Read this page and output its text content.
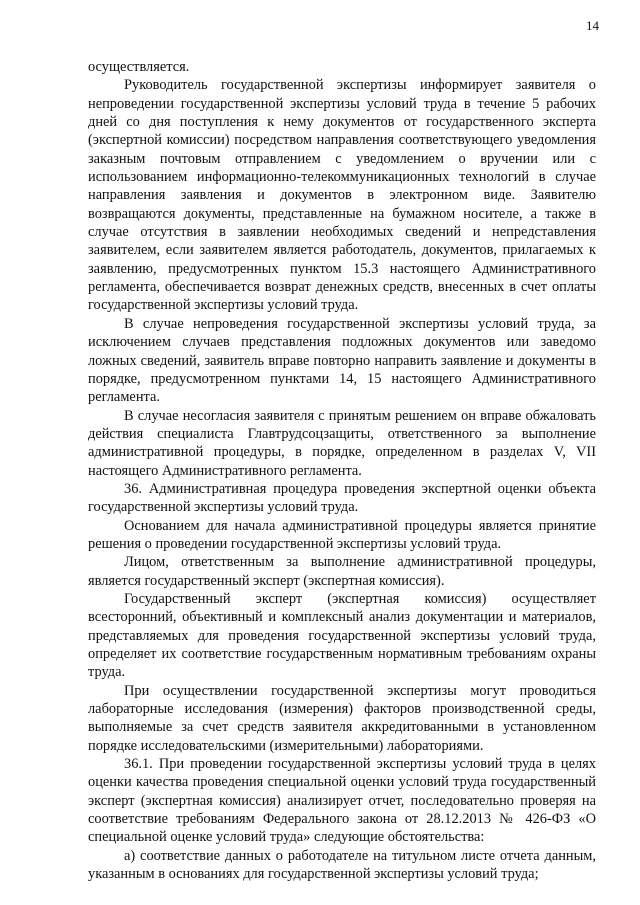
14

осуществляется.

Руководитель государственной экспертизы информирует заявителя о непроведении государственной экспертизы условий труда в течение 5 рабочих дней со дня поступления к нему документов от государственного эксперта (экспертной комиссии) посредством направления соответствующего уведомления заказным почтовым отправлением с уведомлением о вручении или с использованием информационно-телекоммуникационных технологий в случае направления заявления и документов в электронном виде. Заявителю возвращаются документы, представленные на бумажном носителе, а также в случае отсутствия в заявлении необходимых сведений и непредставления заявителем, если заявителем является работодатель, документов, прилагаемых к заявлению, предусмотренных пунктом 15.3 настоящего Административного регламента, обеспечивается возврат денежных средств, внесенных в счет оплаты государственной экспертизы условий труда.

В случае непроведения государственной экспертизы условий труда, за исключением случаев представления подложных документов или заведомо ложных сведений, заявитель вправе повторно направить заявление и документы в порядке, предусмотренном пунктами 14, 15 настоящего Административного регламента.

В случае несогласия заявителя с принятым решением он вправе обжаловать действия специалиста Главтрудсоцзащиты, ответственного за выполнение административной процедуры, в порядке, определенном в разделах V, VII настоящего Административного регламента.

36. Административная процедура проведения экспертной оценки объекта государственной экспертизы условий труда.

Основанием для начала административной процедуры является принятие решения о проведении государственной экспертизы условий труда.

Лицом, ответственным за выполнение административной процедуры, является государственный эксперт (экспертная комиссия).

Государственный эксперт (экспертная комиссия) осуществляет всесторонний, объективный и комплексный анализ документации и материалов, представляемых для проведения государственной экспертизы условий труда, определяет их соответствие государственным нормативным требованиям охраны труда.

При осуществлении государственной экспертизы могут проводиться лабораторные исследования (измерения) факторов производственной среды, выполняемые за счет средств заявителя аккредитованными в установленном порядке исследовательскими (измерительными) лабораториями.

36.1. При проведении государственной экспертизы условий труда в целях оценки качества проведения специальной оценки условий труда государственный эксперт (экспертная комиссия) анализирует отчет, последовательно проверяя на соответствие требованиям Федерального закона от 28.12.2013 № 426-ФЗ «О специальной оценке условий труда» следующие обстоятельства:

а) соответствие данных о работодателе на титульном листе отчета данным, указанным в основаниях для государственной экспертизы условий труда;
